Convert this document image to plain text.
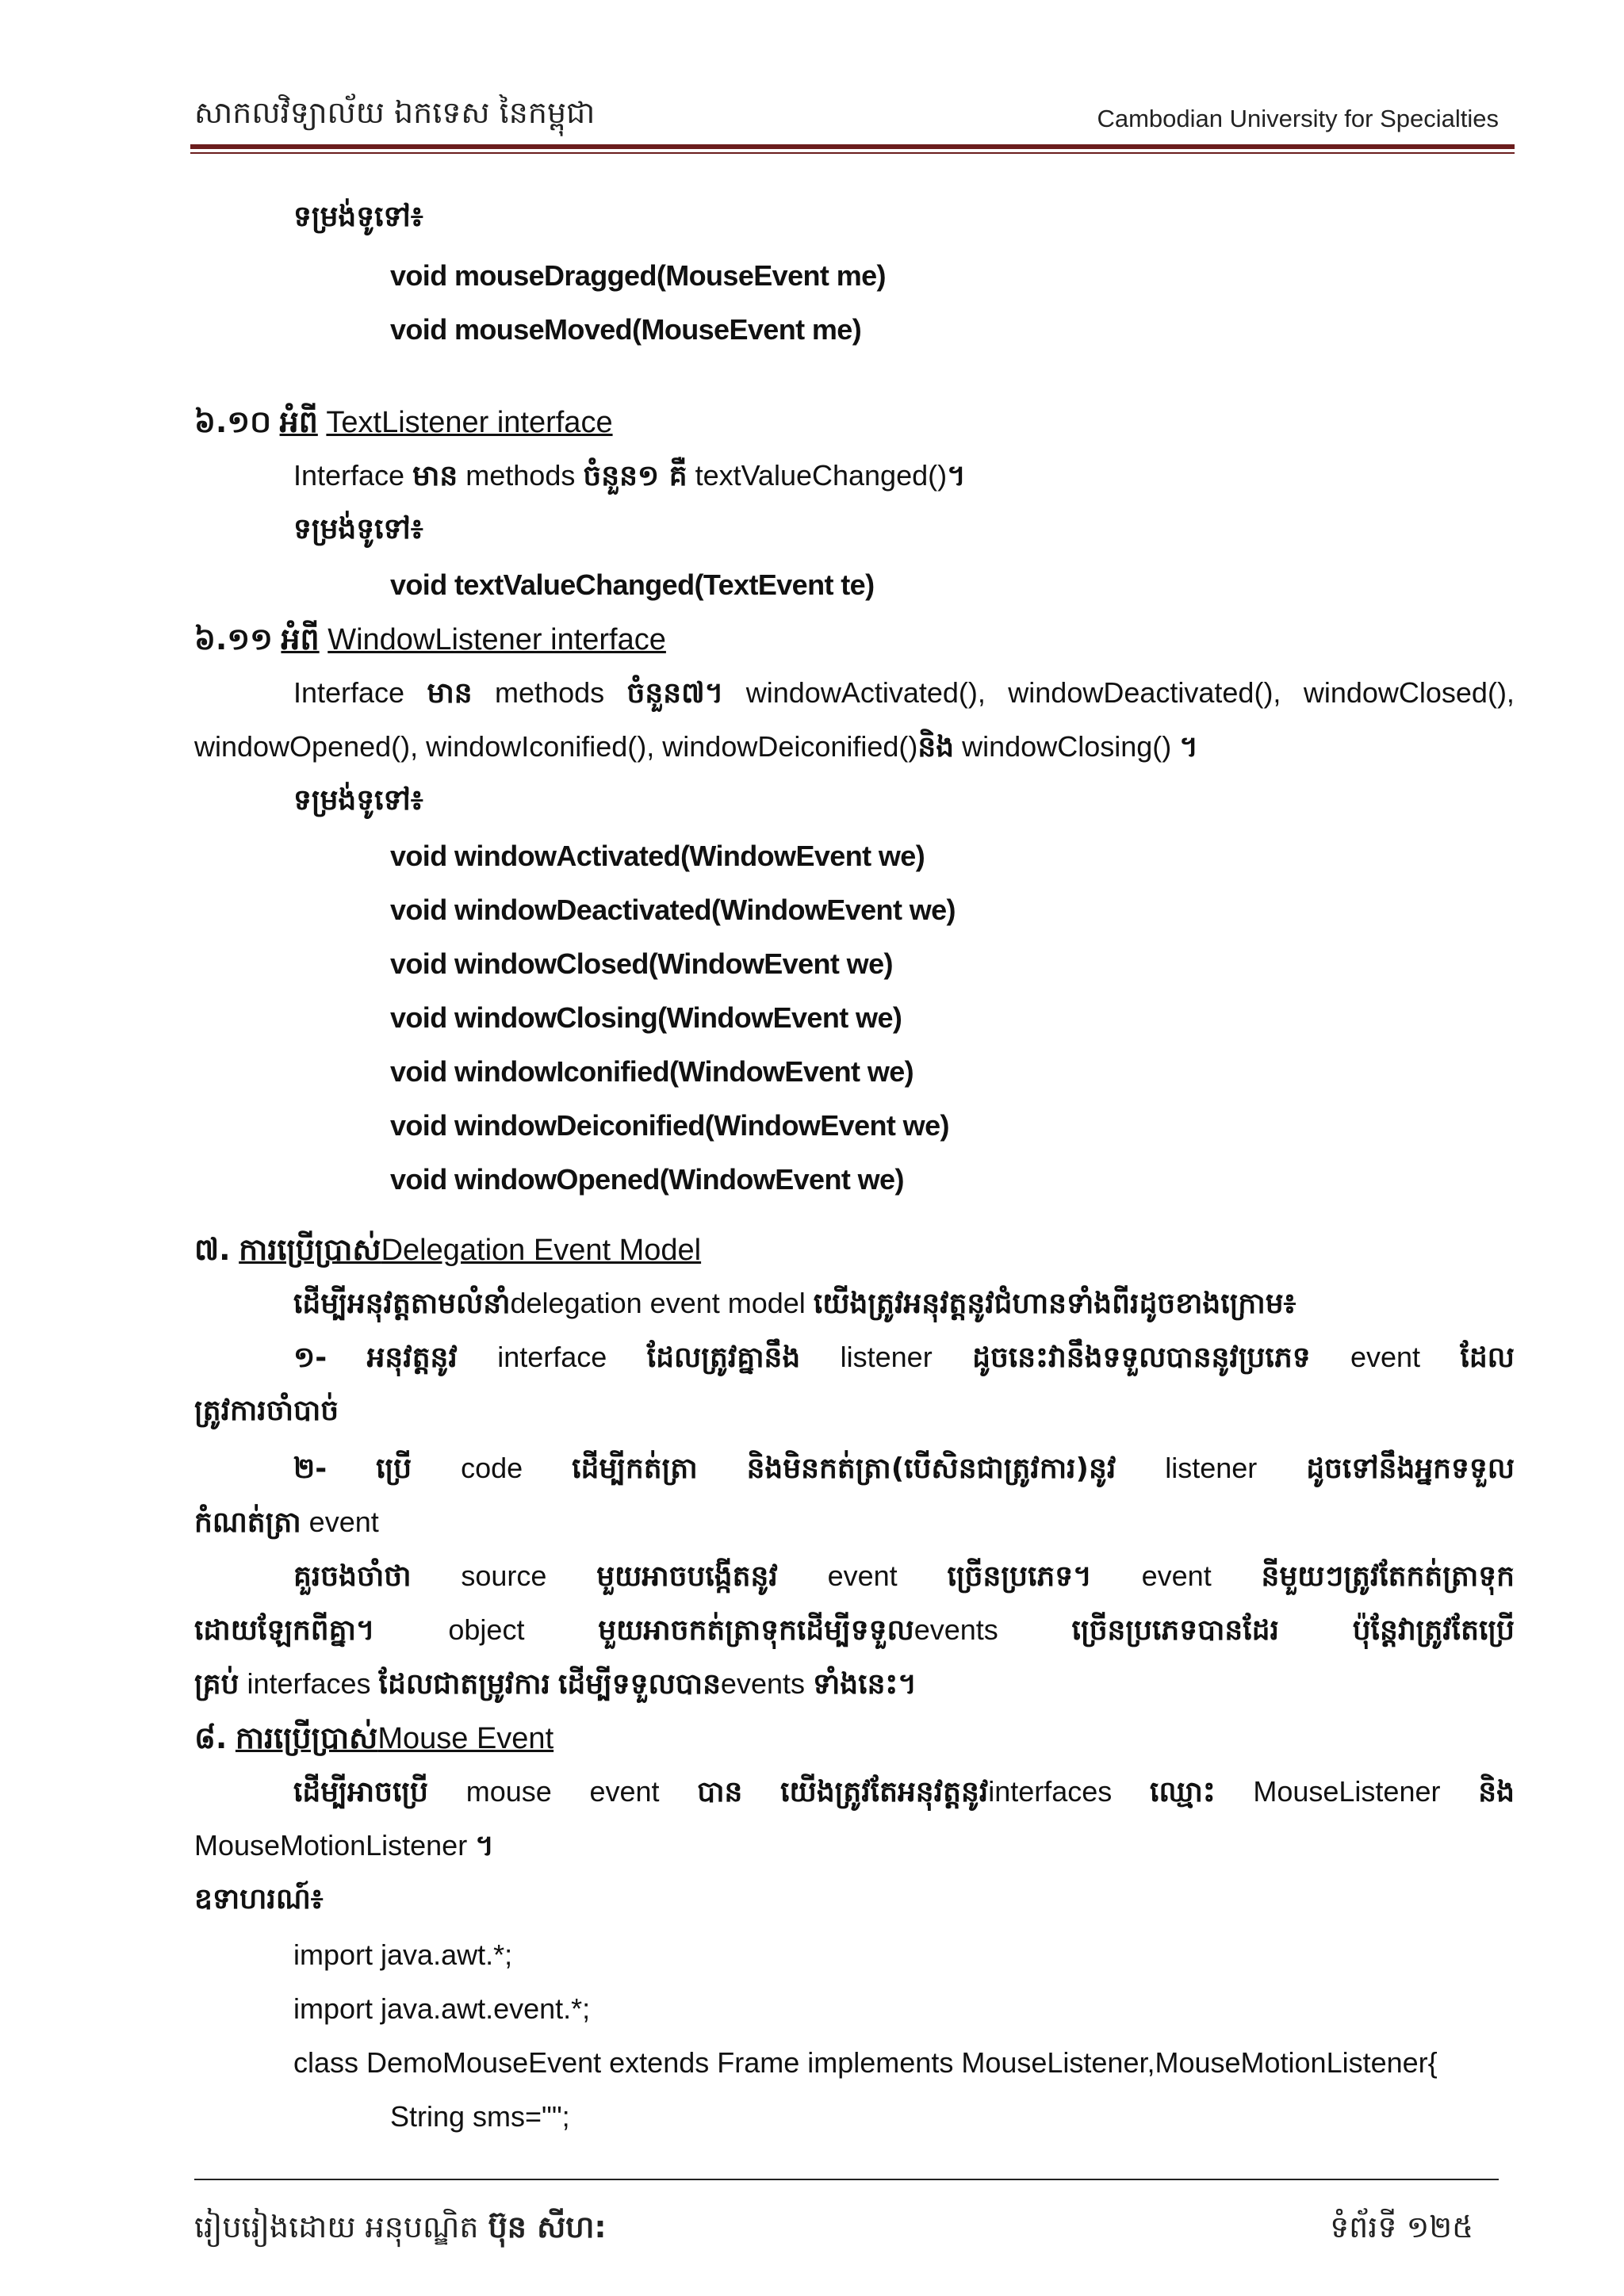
សាកលវិទ្យាល័យ ឯកទេស នៃកម្ពុជា	Cambodian University for Specialties
ទម្រង់ទូទៅ៖
void mouseDragged(MouseEvent me)
void mouseMoved(MouseEvent me)
៦.១០ អំពី TextListener interface
Interface មាន methods ចំនួន១ គឺ textValueChanged()។
ទម្រង់ទូទៅ៖
void textValueChanged(TextEvent te)
៦.១១ អំពី WindowListener interface
Interface មាន methods ចំនួន៧។ windowActivated(), windowDeactivated(), windowClosed(),
windowOpened(), windowIconified(), windowDeiconified()និង windowClosing() ។
ទម្រង់ទូទៅ៖
void windowActivated(WindowEvent we)
void windowDeactivated(WindowEvent we)
void windowClosed(WindowEvent we)
void windowClosing(WindowEvent we)
void windowIconified(WindowEvent we)
void windowDeiconified(WindowEvent we)
void windowOpened(WindowEvent we)
៧. ការប្រើប្រាស់Delegation Event Model
ដើម្បីអនុវត្តតាមលំនាំdelegation event model យើងត្រូវអនុវត្តនូវជំហានទាំងពីរដូចខាងក្រោម៖
១- អនុវត្តនូវ interface ដែលត្រូវគ្នានឹង listener ដូចនេះវានឹងទទួលបាននូវប្រភេទ event ដែល
ត្រូវការចាំបាច់
២- ប្រើ code ដើម្បីកត់ត្រា និងមិនកត់ត្រា(បើសិនជាត្រូវការ)នូវ listener ដូចទៅនឹងអ្នកទទួល
កំណត់ត្រា event
គួរចងចាំថា source មួយអាចបង្កើតនូវ event ច្រើនប្រភេទ។ event នីមួយៗត្រូវតែកត់ត្រាទុក
ដោយឡែកពីគ្នា។	object	មួយអាចកត់ត្រាទុកដើម្បីទទួលevents	ច្រើនប្រភេទបានដែរ	ប៉ុន្តែវាត្រូវតែប្រើ
គ្រប់ interfaces ដែលជាតម្រូវការ ដើម្បីទទួលបានevents ទាំងនេះ។
៨. ការប្រើប្រាស់Mouse Event
ដើម្បីអាចប្រើ mouse event បាន យើងត្រូវតែអនុវត្តនូវinterfaces ឈ្មោះ MouseListener និង
MouseMotionListener ។
ឧទាហរណ៍៖
import java.awt.*;
import java.awt.event.*;
class DemoMouseEvent extends Frame implements MouseListener,MouseMotionListener{
String sms="";
រៀបរៀងដោយ អនុបណ្ឌិត ប៊ុន សីហ:	ទំព័រទី ១២៥
